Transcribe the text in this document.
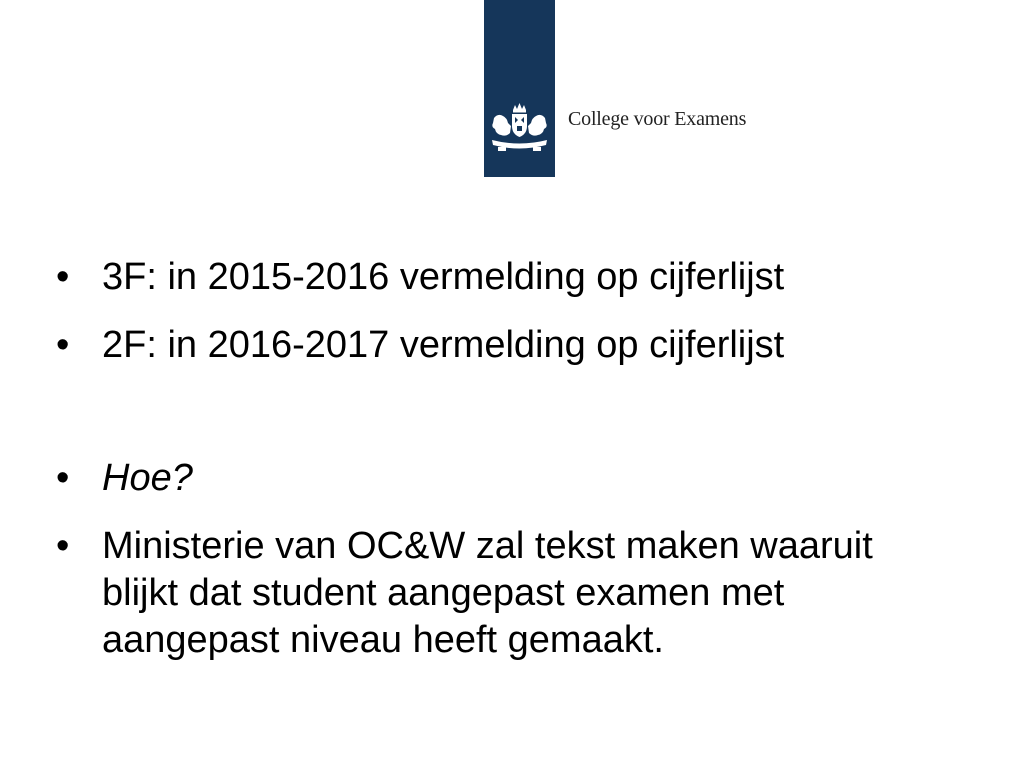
College voor Examens
• 3F: in 2015-2016 vermelding op cijferlijst
• 2F: in 2016-2017 vermelding op cijferlijst
• Hoe?
• Ministerie van OC&W zal tekst maken waaruit blijkt dat student aangepast examen met aangepast niveau heeft gemaakt.
